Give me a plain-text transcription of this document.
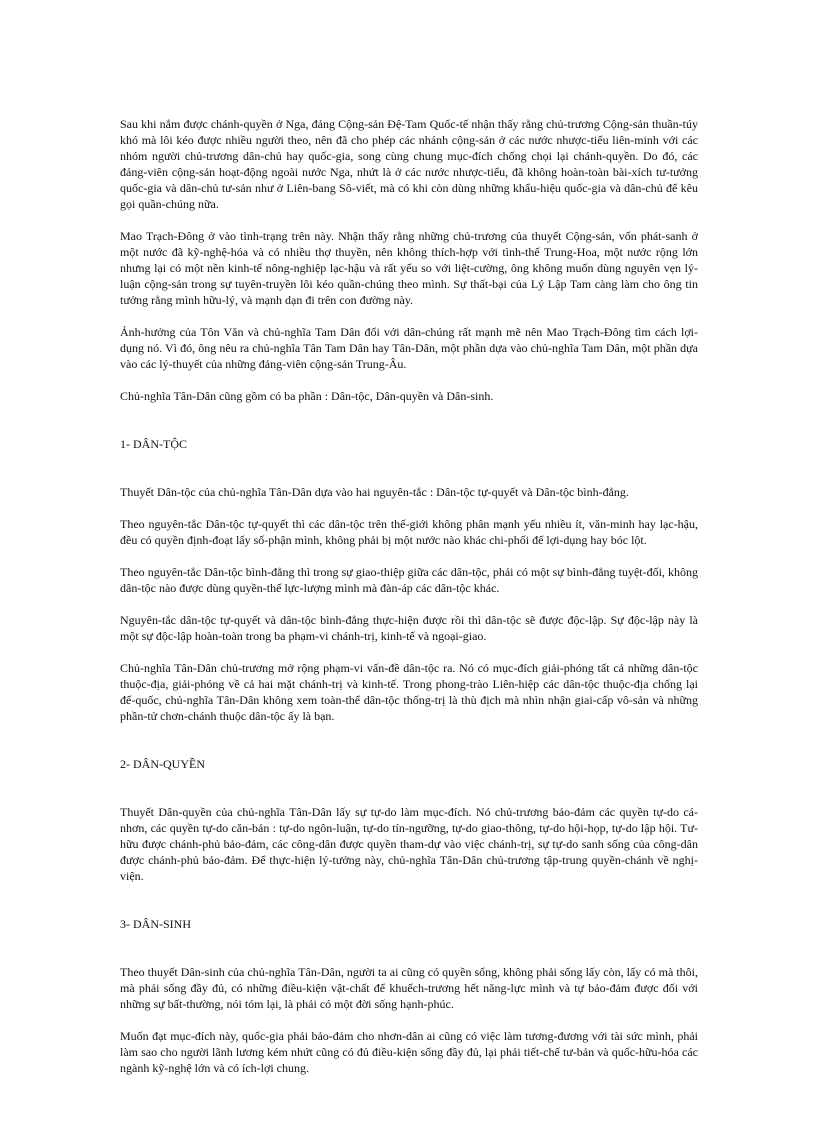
Sau khi nắm được chánh-quyền ở Nga, đảng Cộng-sản Đệ-Tam Quốc-tế nhận thấy rằng chủ-trương Cộng-sản thuần-túy khó mà lôi kéo được nhiều người theo, nên đã cho phép các nhánh cộng-sản ở các nước nhược-tiểu liên-minh với các nhóm người chủ-trương dân-chủ hay quốc-gia, song cùng chung mục-đích chống chọi lại chánh-quyền. Do đó, các đảng-viên cộng-sản hoạt-động ngoài nước Nga, nhứt là ở các nước nhược-tiểu, đã không hoàn-toàn bài-xích tư-tưởng quốc-gia và dân-chủ tư-sản như ở Liên-bang Sô-viết, mà có khi còn dùng những khẩu-hiệu quốc-gia và dân-chủ để kêu gọi quần-chúng nữa.

Mao Trạch-Đông ở vào tình-trạng trên này. Nhận thấy rằng những chủ-trương của thuyết Cộng-sản, vốn phát-sanh ở một nước đã kỹ-nghệ-hóa và có nhiều thợ thuyền, nên không thích-hợp với tình-thế Trung-Hoa, một nước rộng lớn nhưng lại có một nền kinh-tế nông-nghiệp lạc-hậu và rất yếu so với liệt-cường, ông không muốn dùng nguyên vẹn lý-luận cộng-sản trong sự tuyên-truyền lôi kéo quần-chúng theo mình. Sự thất-bại của Lý Lập Tam càng làm cho ông tin tưởng rằng mình hữu-lý, và mạnh dạn đi trên con đường này.

Ảnh-hưởng của Tôn Văn và chủ-nghĩa Tam Dân đối với dân-chúng rất mạnh mẽ nên Mao Trạch-Đông tìm cách lợi-dụng nó. Vì đó, ông nêu ra chủ-nghĩa Tân Tam Dân hay Tân-Dân, một phần dựa vào chủ-nghĩa Tam Dân, một phần dựa vào các lý-thuyết của những đảng-viên cộng-sản Trung-Âu.

Chủ-nghĩa Tân-Dân cũng gồm có ba phần : Dân-tộc, Dân-quyền và Dân-sinh.

1- DÂN-TỘC

Thuyết Dân-tộc của chủ-nghĩa Tân-Dân dựa vào hai nguyên-tắc : Dân-tộc tự-quyết và Dân-tộc bình-đẳng.

Theo nguyên-tắc Dân-tộc tự-quyết thì các dân-tộc trên thế-giới không phân mạnh yếu nhiều ít, văn-minh hay lạc-hậu, đều có quyền định-đoạt lấy số-phận mình, không phải bị một nước nào khác chi-phối để lợi-dụng hay bóc lột.

Theo nguyên-tắc Dân-tộc bình-đẳng thì trong sự giao-thiệp giữa các dân-tộc, phải có một sự bình-đẳng tuyệt-đối, không dân-tộc nào được dùng quyền-thế lực-lượng mình mà đàn-áp các dân-tộc khác.

Nguyên-tắc dân-tộc tự-quyết và dân-tộc bình-đẳng thực-hiện được rồi thì dân-tộc sẽ được độc-lập. Sự độc-lập này là một sự độc-lập hoàn-toàn trong ba phạm-vi chánh-trị, kinh-tế và ngoại-giao.

Chủ-nghĩa Tân-Dân chủ-trương mở rộng phạm-vi vấn-đề dân-tộc ra. Nó có mục-đích giải-phóng tất cả những dân-tộc thuộc-địa, giải-phóng về cả hai mặt chánh-trị và kinh-tế. Trong phong-trào Liên-hiệp các dân-tộc thuộc-địa chống lại đế-quốc, chủ-nghĩa Tân-Dân không xem toàn-thể dân-tộc thống-trị là thù địch mà nhìn nhận giai-cấp vô-sản và những phần-tử chơn-chánh thuộc dân-tộc ấy là bạn.

2- DÂN-QUYỀN

Thuyết Dân-quyền của chủ-nghĩa Tân-Dân lấy sự tự-do làm mục-đích. Nó chủ-trương bảo-đảm các quyền tự-do cá-nhơn, các quyền tự-do căn-bản : tự-do ngôn-luận, tự-do tín-ngưỡng, tự-do giao-thông, tự-do hội-họp, tự-do lập hội. Tư-hữu được chánh-phủ bảo-đảm, các công-dân được quyền tham-dự vào việc chánh-trị, sự tự-do sanh sống của công-dân được chánh-phủ bảo-đảm. Để thực-hiện lý-tưởng này, chủ-nghĩa Tân-Dân chủ-trương tập-trung quyền-chánh về nghị-viện.

3- DÂN-SINH

Theo thuyết Dân-sinh của chủ-nghĩa Tân-Dân, người ta ai cũng có quyền sống, không phải sống lấy còn, lấy có mà thôi, mà phải sống đầy đủ, có những điều-kiện vật-chất để khuếch-trương hết năng-lực mình và tự bảo-đảm được đối với những sự bất-thường, nói tóm lại, là phải có một đời sống hạnh-phúc.

Muốn đạt mục-đích này, quốc-gia phải bảo-đảm cho nhơn-dân ai cũng có việc làm tương-đương với tài sức mình, phải làm sao cho người lãnh lương kém nhứt cũng có đủ điều-kiện sống đầy đủ, lại phải tiết-chế tư-bản và quốc-hữu-hóa các ngành kỹ-nghệ lớn và có ích-lợi chung.
